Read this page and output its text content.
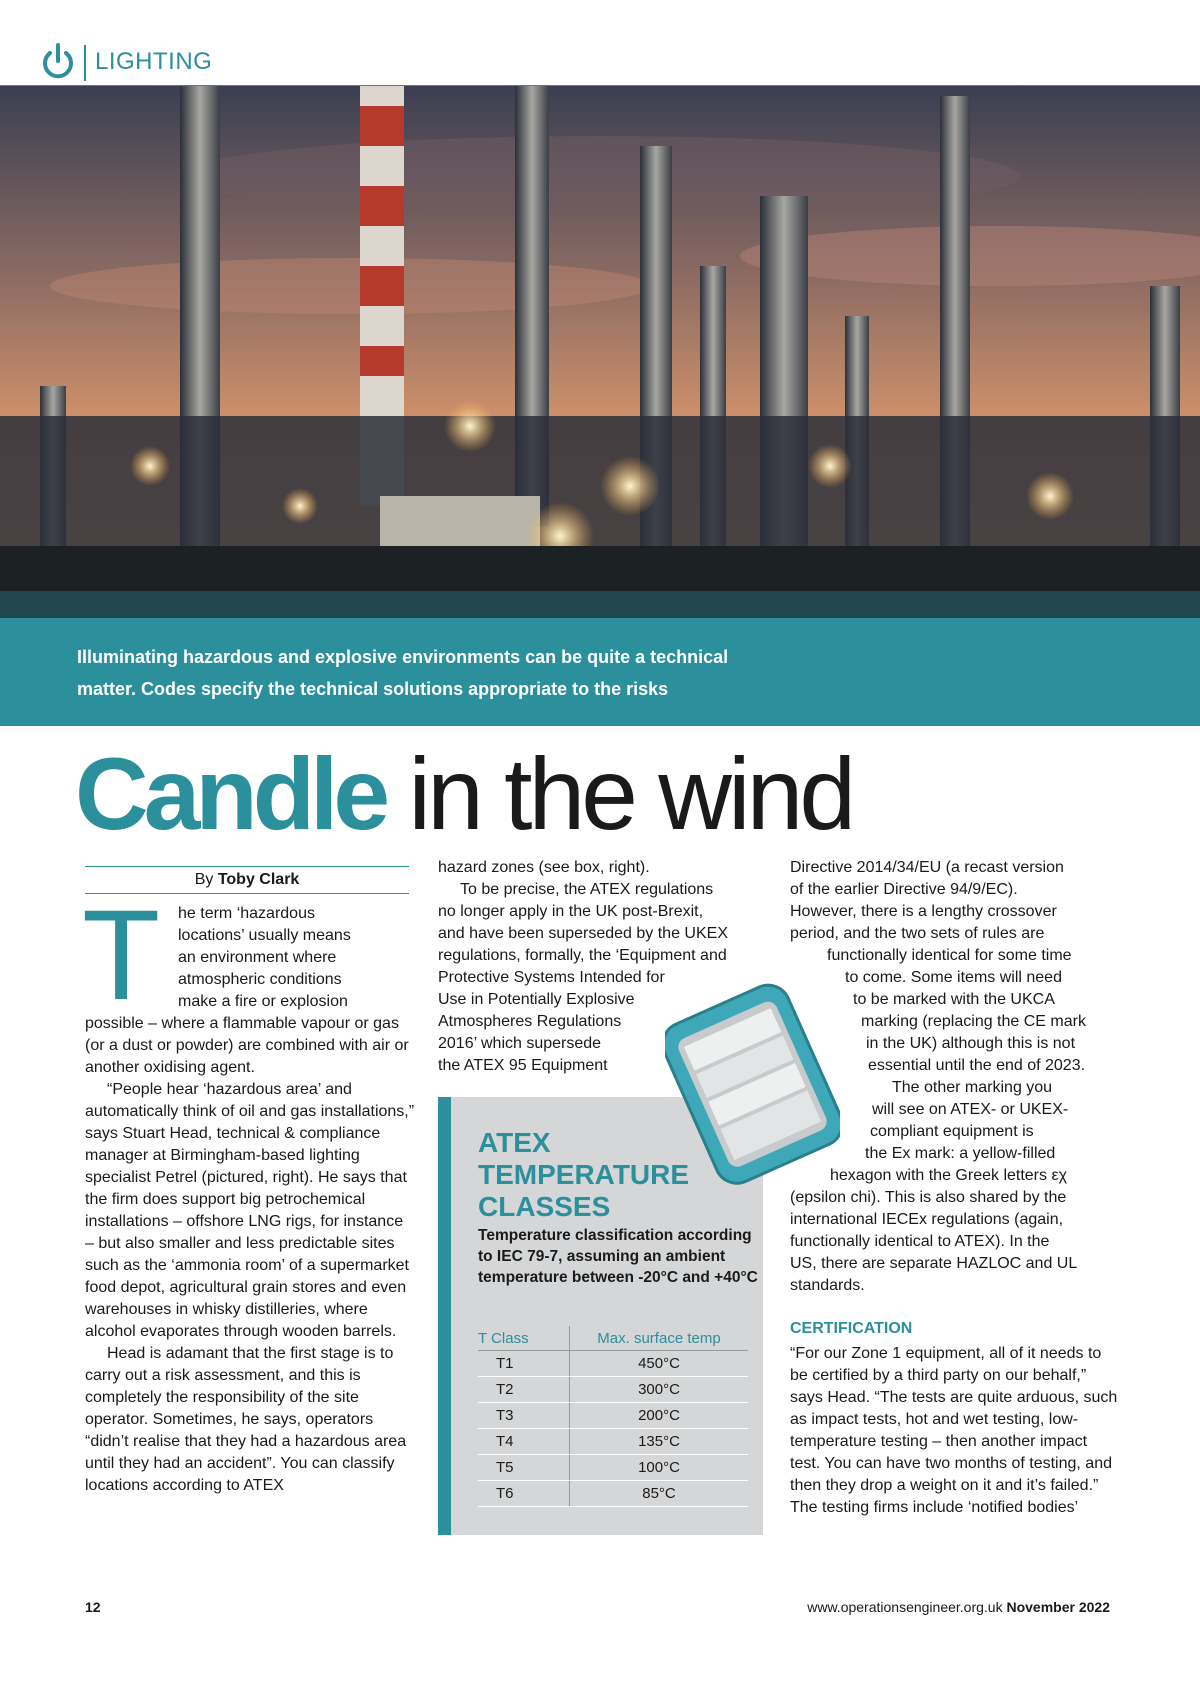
LIGHTING
Illuminating hazardous and explosive environments can be quite a technical
matter. Codes specify the technical solutions appropriate to the risks
Candle in the wind
By Toby Clark
T he term ‘hazardous
locations’ usually means
an environment where
atmospheric conditions
make a fire or explosion
possible – where a flammable vapour or gas (or a dust or powder) are combined with air or another oxidising agent.
“People hear ‘hazardous area’ and automatically think of oil and gas installations,” says Stuart Head, technical & compliance manager at Birmingham-based lighting specialist Petrel (pictured, right). He says that the firm does support big petrochemical installations – offshore LNG rigs, for instance – but also smaller and less predictable sites such as the ‘ammonia room’ of a supermarket food depot, agricultural grain stores and even warehouses in whisky distilleries, where alcohol evaporates through wooden barrels.
Head is adamant that the first stage is to carry out a risk assessment, and this is completely the responsibility of the site operator. Sometimes, he says, operators “didn’t realise that they had a hazardous area until they had an accident”. You can classify locations according to ATEX
hazard zones (see box, right).
To be precise, the ATEX regulations
no longer apply in the UK post-Brexit,
and have been superseded by the UKEX
regulations, formally, the ‘Equipment and
Protective Systems Intended for
Use in Potentially Explosive
Atmospheres Regulations
2016’ which supersede
the ATEX 95 Equipment
ATEX
TEMPERATURE
CLASSES
Temperature classification according to IEC 79-7, assuming an ambient temperature between -20°C and +40°C
T Class	Max. surface temp
T1	450°C
T2	300°C
T3	200°C
T4	135°C
T5	100°C
T6	85°C
Directive 2014/34/EU (a recast version
of the earlier Directive 94/9/EC).
However, there is a lengthy crossover
period, and the two sets of rules are
functionally identical for some time
to come. Some items will need
to be marked with the UKCA
marking (replacing the CE mark
in the UK) although this is not
essential until the end of 2023.
The other marking you
will see on ATEX- or UKEX-
compliant equipment is
the Ex mark: a yellow-filled
hexagon with the Greek letters εχ
(epsilon chi). This is also shared by the
international IECEx regulations (again,
functionally identical to ATEX). In the
US, there are separate HAZLOC and UL
standards.
CERTIFICATION
“For our Zone 1 equipment, all of it needs to be certified by a third party on our behalf,” says Head. “The tests are quite arduous, such as impact tests, hot and wet testing, low-temperature testing – then another impact test. You can have two months of testing, and then they drop a weight on it and it’s failed.” The testing firms include ‘notified bodies’
12	www.operationsengineer.org.uk November 2022
